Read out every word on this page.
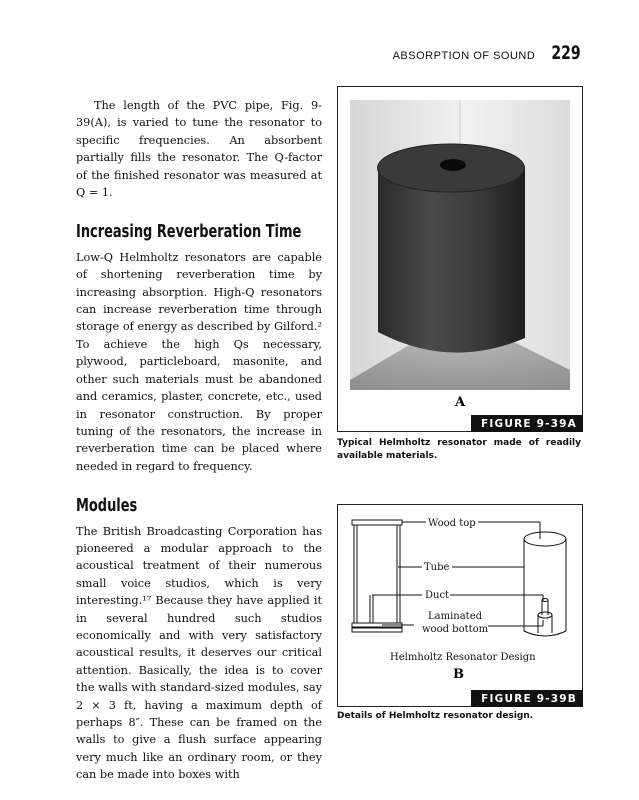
ABSORPTION OF SOUND 229

The length of the PVC pipe, Fig. 9-39(A), is varied to tune the resonator to specific frequencies. An absorbent partially fills the resonator. The Q-factor of the finished resonator was measured at Q = 1.

Increasing Reverberation Time

Low-Q Helmholtz resonators are capable of shortening reverberation time by increasing absorption. High-Q resonators can increase reverberation time through storage of energy as described by Gilford.² To achieve the high Qs necessary, plywood, particleboard, masonite, and other such materials must be abandoned and ceramics, plaster, concrete, etc., used in resonator construction. By proper tuning of the resonators, the increase in reverberation time can be placed where needed in regard to frequency.

Modules

The British Broadcasting Corporation has pioneered a modular approach to the acoustical treatment of their numerous small voice studios, which is very interesting.¹⁷ Because they have applied it in several hundred such studios economically and with very satisfactory acoustical results, it deserves our critical attention. Basically, the idea is to cover the walls with standard-sized modules, say 2 × 3 ft, having a maximum depth of perhaps 8″. These can be framed on the walls to give a flush surface appearing very much like an ordinary room, or they can be made into boxes with

A
FIGURE 9-39A
Typical Helmholtz resonator made of readily available materials.
Wood top
Tube
Duct
Laminated
wood bottom
Helmholtz Resonator Design
B
FIGURE 9-39B
Details of Helmholtz resonator design.
